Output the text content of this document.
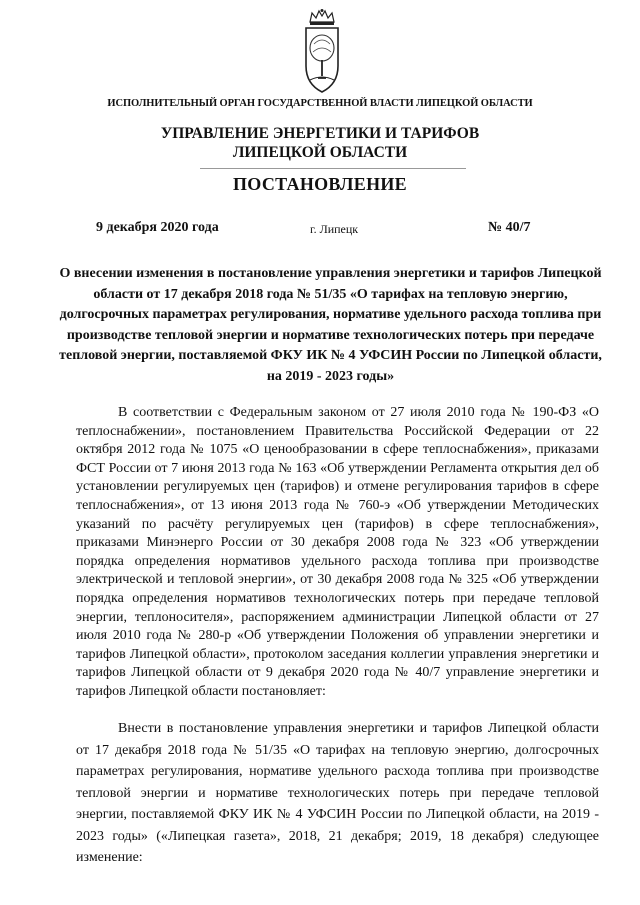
ИСПОЛНИТЕЛЬНЫЙ ОРГАН ГОСУДАРСТВЕННОЙ ВЛАСТИ ЛИПЕЦКОЙ ОБЛАСТИ
УПРАВЛЕНИЕ ЭНЕРГЕТИКИ И ТАРИФОВ
ЛИПЕЦКОЙ ОБЛАСТИ
ПОСТАНОВЛЕНИЕ
9 декабря 2020 года	г. Липецк	№ 40/7
О внесении изменения в постановление управления энергетики и тарифов Липецкой области от 17 декабря 2018 года № 51/35 «О тарифах на тепловую энергию, долгосрочных параметрах регулирования, нормативе удельного расхода топлива при производстве тепловой энергии и нормативе технологических потерь при передаче тепловой энергии, поставляемой ФКУ ИК № 4 УФСИН России по Липецкой области, на 2019 - 2023 годы»

В соответствии с Федеральным законом от 27 июля 2010 года № 190-ФЗ «О теплоснабжении», постановлением Правительства Российской Федерации от 22 октября 2012 года № 1075 «О ценообразовании в сфере теплоснабжения», приказами ФСТ России от 7 июня 2013 года № 163 «Об утверждении Регламента открытия дел об установлении регулируемых цен (тарифов) и отмене регулирования тарифов в сфере теплоснабжения», от 13 июня 2013 года № 760-э «Об утверждении Методических указаний по расчёту регулируемых цен (тарифов) в сфере теплоснабжения», приказами Минэнерго России от 30 декабря 2008 года № 323 «Об утверждении порядка определения нормативов удельного расхода топлива при производстве электрической и тепловой энергии», от 30 декабря 2008 года № 325 «Об утверждении порядка определения нормативов технологических потерь при передаче тепловой энергии, теплоносителя», распоряжением администрации Липецкой области от 27 июля 2010 года № 280-р «Об утверждении Положения об управлении энергетики и тарифов Липецкой области», протоколом заседания коллегии управления энергетики и тарифов Липецкой области от 9 декабря 2020 года № 40/7 управление энергетики и тарифов Липецкой области постановляет:

Внести в постановление управления энергетики и тарифов Липецкой области от 17 декабря 2018 года № 51/35 «О тарифах на тепловую энергию, долгосрочных параметрах регулирования, нормативе удельного расхода топлива при производстве тепловой энергии и нормативе технологических потерь при передаче тепловой энергии, поставляемой ФКУ ИК № 4 УФСИН России по Липецкой области, на 2019 - 2023 годы» («Липецкая газета», 2018, 21 декабря; 2019, 18 декабря) следующее изменение:
